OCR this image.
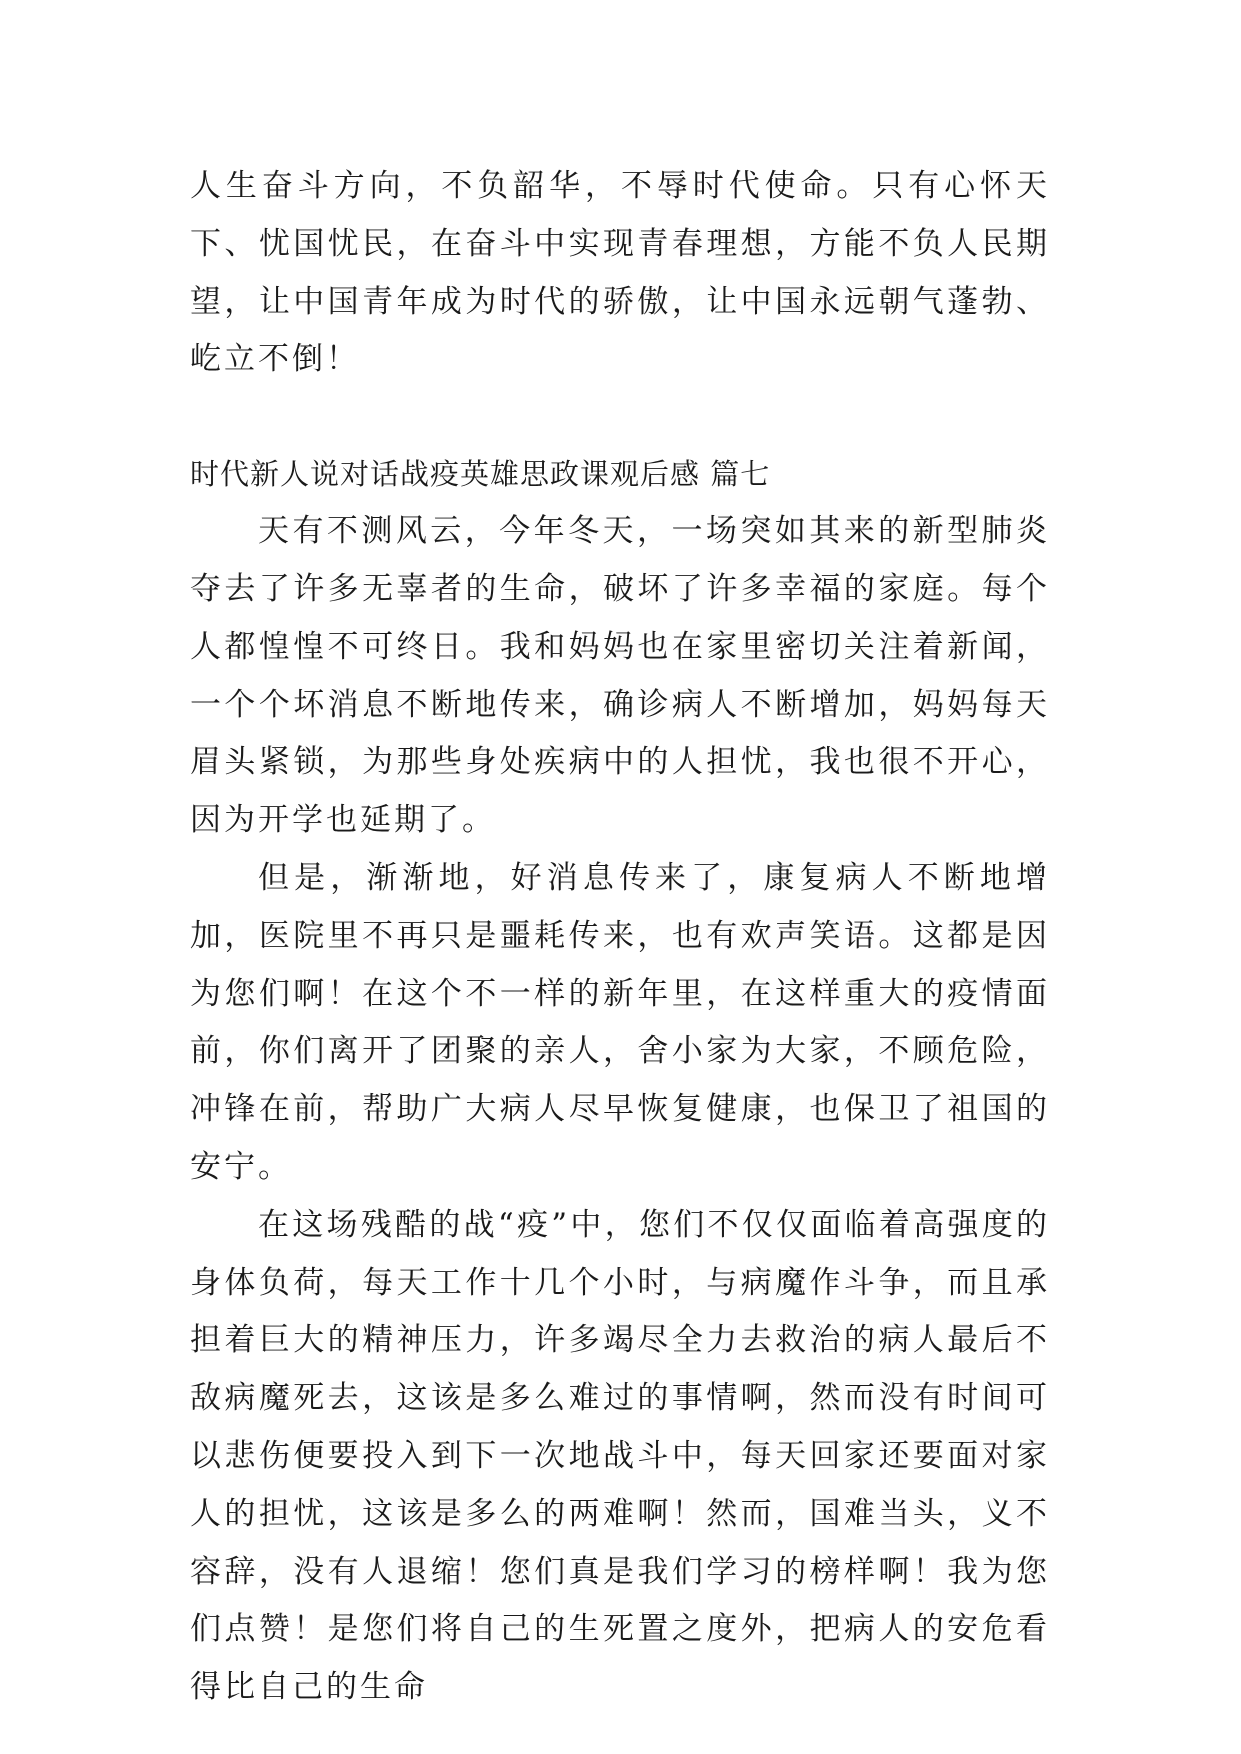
人生奋斗方向，不负韶华，不辱时代使命。只有心怀天下、忧国忧民，在奋斗中实现青春理想，方能不负人民期望，让中国青年成为时代的骄傲，让中国永远朝气蓬勃、屹立不倒！

时代新人说对话战疫英雄思政课观后感 篇七

天有不测风云，今年冬天，一场突如其来的新型肺炎夺去了许多无辜者的生命，破坏了许多幸福的家庭。每个人都惶惶不可终日。我和妈妈也在家里密切关注着新闻，一个个坏消息不断地传来，确诊病人不断增加，妈妈每天眉头紧锁，为那些身处疾病中的人担忧，我也很不开心，因为开学也延期了。

但是，渐渐地，好消息传来了，康复病人不断地增加，医院里不再只是噩耗传来，也有欢声笑语。这都是因为您们啊！在这个不一样的新年里，在这样重大的疫情面前，你们离开了团聚的亲人，舍小家为大家，不顾危险，冲锋在前，帮助广大病人尽早恢复健康，也保卫了祖国的安宁。

在这场残酷的战“疫”中，您们不仅仅面临着高强度的身体负荷，每天工作十几个小时，与病魔作斗争，而且承担着巨大的精神压力，许多竭尽全力去救治的病人最后不敌病魔死去，这该是多么难过的事情啊，然而没有时间可以悲伤便要投入到下一次地战斗中，每天回家还要面对家人的担忧，这该是多么的两难啊！然而，国难当头，义不容辞，没有人退缩！您们真是我们学习的榜样啊！我为您们点赞！是您们将自己的生死置之度外，把病人的安危看得比自己的生命
